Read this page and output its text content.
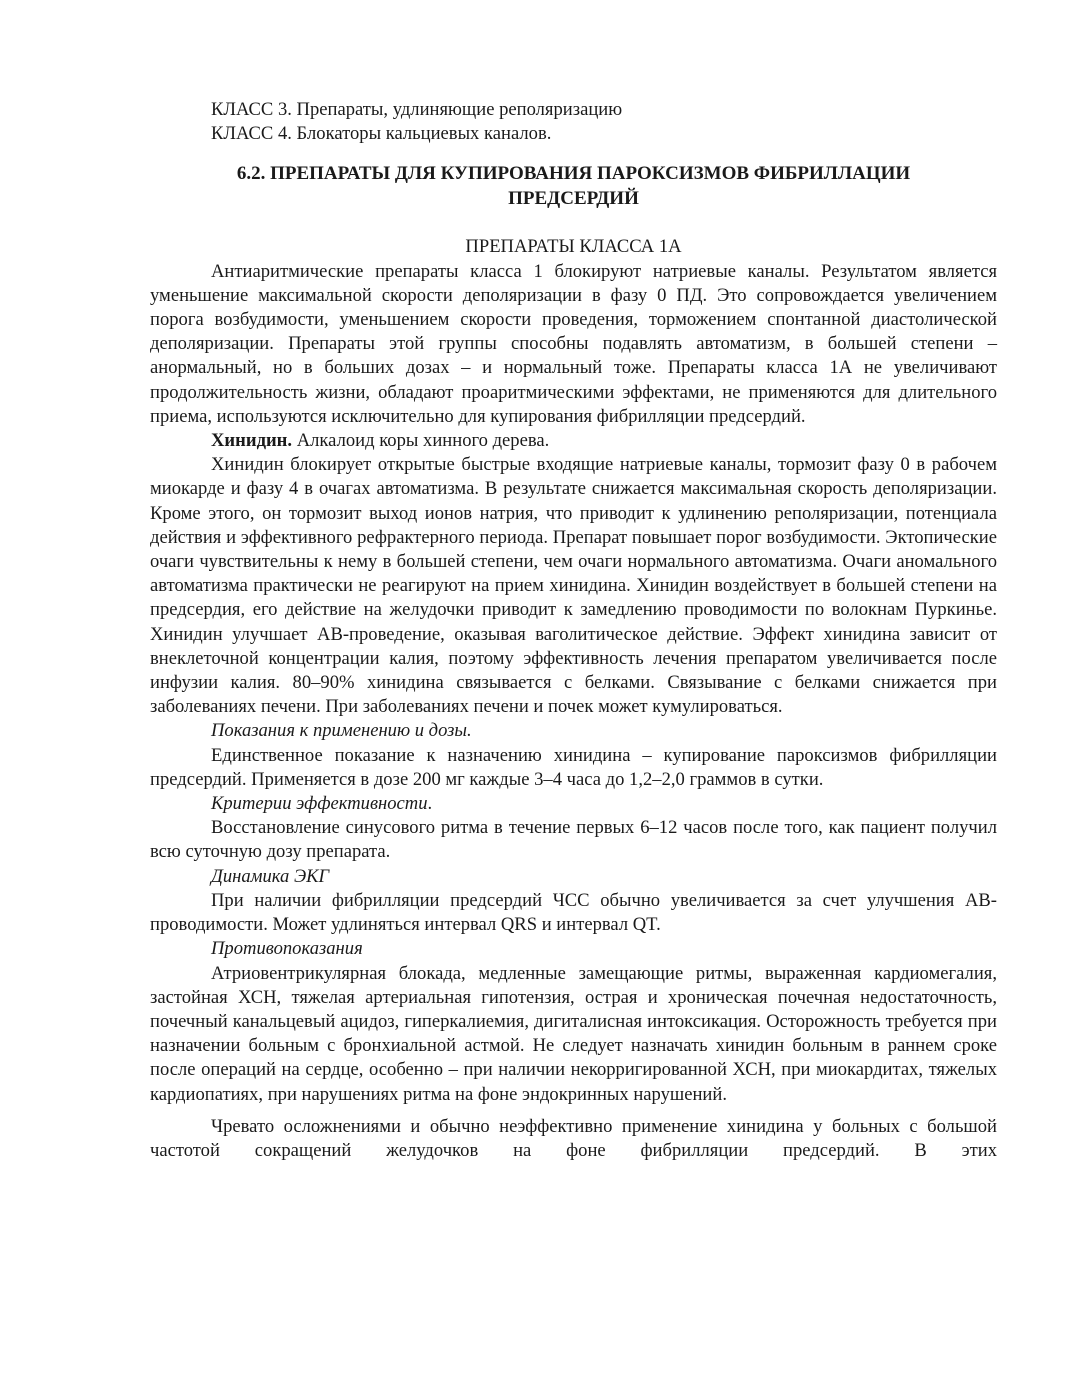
КЛАСС 3. Препараты, удлиняющие реполяризацию
КЛАСС 4. Блокаторы кальциевых каналов.
6.2. ПРЕПАРАТЫ ДЛЯ КУПИРОВАНИЯ ПАРОКСИЗМОВ ФИБРИЛЛАЦИИ ПРЕДСЕРДИЙ
ПРЕПАРАТЫ КЛАССА 1А

Антиаритмические препараты класса 1 блокируют натриевые каналы. Результатом является уменьшение максимальной скорости деполяризации в фазу 0 ПД. Это сопровождается увеличением порога возбудимости, уменьшением скорости проведения, торможением спонтанной диастолической деполяризации. Препараты этой группы способны подавлять автоматизм, в большей степени – анормальный, но в больших дозах – и нормальный тоже. Препараты класса 1А не увеличивают продолжительность жизни, обладают проаритмическими эффектами, не применяются для длительного приема, используются исключительно для купирования фибрилляции предсердий.

Хинидин. Алкалоид коры хинного дерева.

Хинидин блокирует открытые быстрые входящие натриевые каналы, тормозит фазу 0 в рабочем миокарде и фазу 4 в очагах автоматизма. В результате снижается максимальная скорость деполяризации. Кроме этого, он тормозит выход ионов натрия, что приводит к удлинению реполяризации, потенциала действия и эффективного рефрактерного периода. Препарат повышает порог возбудимости. Эктопические очаги чувствительны к нему в большей степени, чем очаги нормального автоматизма. Очаги аномального автоматизма практически не реагируют на прием хинидина. Хинидин воздействует в большей степени на предсердия, его действие на желудочки приводит к замедлению проводимости по волокнам Пуркинье. Хинидин улучшает АВ-проведение, оказывая ваголитическое действие. Эффект хинидина зависит от внеклеточной концентрации калия, поэтому эффективность лечения препаратом увеличивается после инфузии калия. 80–90% хинидина связывается с белками. Связывание с белками снижается при заболеваниях печени. При заболеваниях печени и почек может кумулироваться.

Показания к применению и дозы.

Единственное показание к назначению хинидина – купирование пароксизмов фибрилляции предсердий. Применяется в дозе 200 мг каждые 3–4 часа до 1,2–2,0 граммов в сутки.

Критерии эффективности.

Восстановление синусового ритма в течение первых 6–12 часов после того, как пациент получил всю суточную дозу препарата.

Динамика ЭКГ

При наличии фибрилляции предсердий ЧСС обычно увеличивается за счет улучшения АВ-проводимости. Может удлиняться интервал QRS и интервал QT.

Противопоказания

Атриовентрикулярная блокада, медленные замещающие ритмы, выраженная кардиомегалия, застойная ХСН, тяжелая артериальная гипотензия, острая и хроническая почечная недостаточность, почечный канальцевый ацидоз, гиперкалиемия, дигиталисная интоксикация. Осторожность требуется при назначении больным с бронхиальной астмой. Не следует назначать хинидин больным в раннем сроке после операций на сердце, особенно – при наличии некорригированной ХСН, при миокардитах, тяжелых кардиопатиях, при нарушениях ритма на фоне эндокринных нарушений.

Чревато осложнениями и обычно неэффективно применение хинидина у больных с большой частотой сокращений желудочков на фоне фибрилляции предсердий. В этих
